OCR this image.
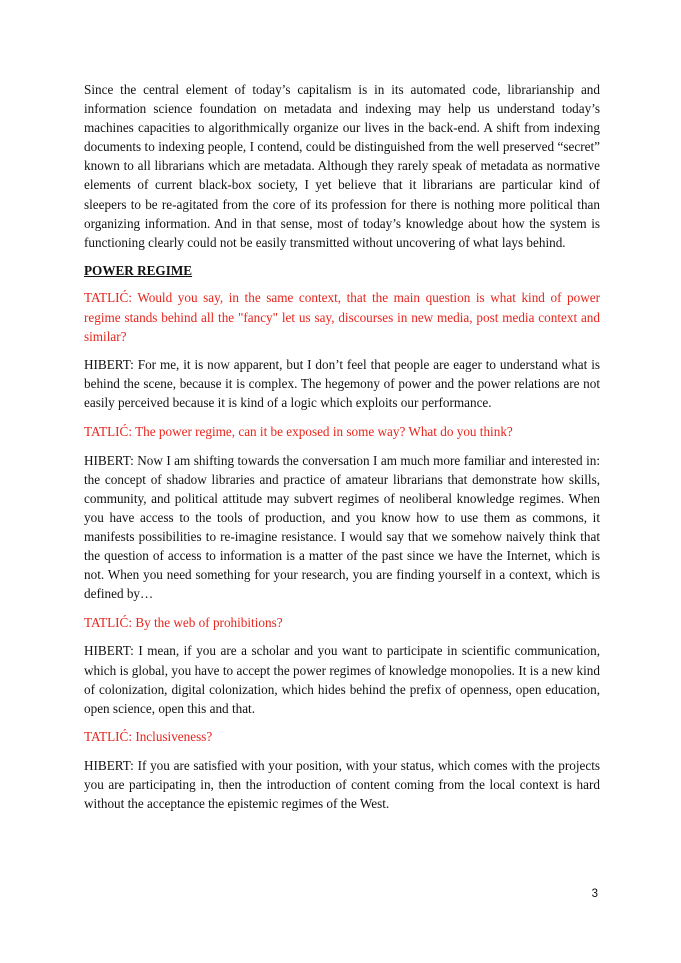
Since the central element of today’s capitalism is in its automated code, librarianship and information science foundation on metadata and indexing may help us understand today’s machines capacities to algorithmically organize our lives in the back-end. A shift from indexing documents to indexing people, I contend, could be distinguished from the well preserved “secret” known to all librarians which are metadata. Although they rarely speak of metadata as normative elements of current black-box society, I yet believe that it librarians are particular kind of sleepers to be re-agitated from the core of its profession for there is nothing more political than organizing information. And in that sense, most of today’s knowledge about how the system is functioning clearly could not be easily transmitted without uncovering of what lays behind.

POWER REGIME

TATLIĆ: Would you say, in the same context, that the main question is what kind of power regime stands behind all the "fancy" let us say, discourses in new media, post media context and similar?

HIBERT: For me, it is now apparent, but I don’t feel that people are eager to understand what is behind the scene, because it is complex. The hegemony of power and the power relations are not easily perceived because it is kind of a logic which exploits our performance.

TATLIĆ: The power regime, can it be exposed in some way? What do you think?

HIBERT: Now I am shifting towards the conversation I am much more familiar and interested in: the concept of shadow libraries and practice of amateur librarians that demonstrate how skills, community, and political attitude may subvert regimes of neoliberal knowledge regimes. When you have access to the tools of production, and you know how to use them as commons, it manifests possibilities to re-imagine resistance. I would say that we somehow naively think that the question of access to information is a matter of the past since we have the Internet, which is not. When you need something for your research, you are finding yourself in a context, which is defined by…

TATLIĆ: By the web of prohibitions?

HIBERT: I mean, if you are a scholar and you want to participate in scientific communication, which is global, you have to accept the power regimes of knowledge monopolies. It is a new kind of colonization, digital colonization, which hides behind the prefix of openness, open education, open science, open this and that.

TATLIĆ: Inclusiveness?

HIBERT: If you are satisfied with your position, with your status, which comes with the projects you are participating in, then the introduction of content coming from the local context is hard without the acceptance the epistemic regimes of the West.

3
